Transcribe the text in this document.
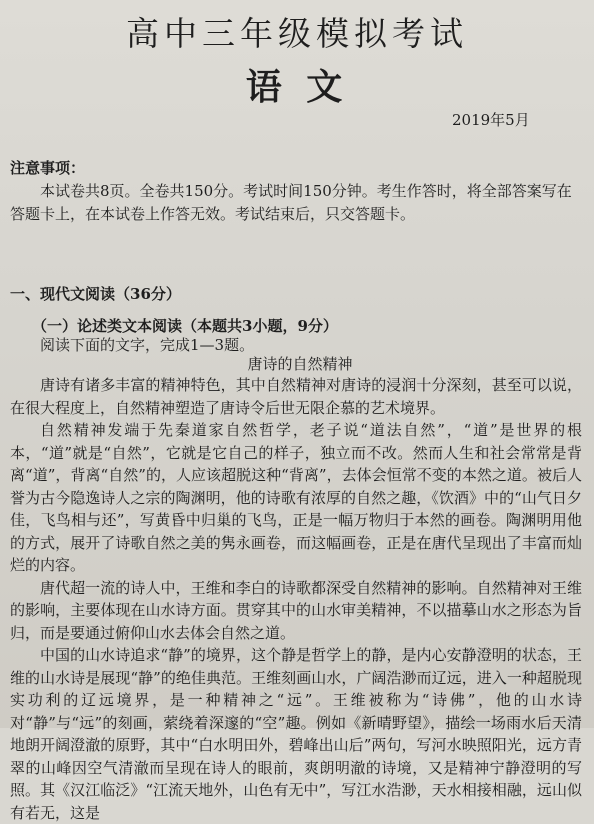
高中三年级模拟考试
语 文
2019年5月
注意事项：

本试卷共8页。全卷共150分。考试时间150分钟。考生作答时，将全部答案写在答题卡上，在本试卷上作答无效。考试结束后，只交答题卡。

一、现代文阅读（36分）
（一）论述类文本阅读（本题共3小题，9分）
阅读下面的文字，完成1—3题。
唐诗的自然精神

唐诗有诸多丰富的精神特色，其中自然精神对唐诗的浸润十分深刻，甚至可以说，在很大程度上，自然精神塑造了唐诗令后世无限企慕的艺术境界。

自然精神发端于先秦道家自然哲学，老子说“道法自然”，“道”是世界的根本，“道”就是“自然”，它就是它自己的样子，独立而不改。然而人生和社会常常是背离“道”，背离“自然”的，人应该超脱这种“背离”，去体会恒常不变的本然之道。被后人誉为古今隐逸诗人之宗的陶渊明，他的诗歌有浓厚的自然之趣，《饮酒》中的“山气日夕佳，飞鸟相与还”，写黄昏中归巢的飞鸟，正是一幅万物归于本然的画卷。陶渊明用他的方式，展开了诗歌自然之美的隽永画卷，而这幅画卷，正是在唐代呈现出了丰富而灿烂的内容。

唐代超一流的诗人中，王维和李白的诗歌都深受自然精神的影响。自然精神对王维的影响，主要体现在山水诗方面。贯穿其中的山水审美精神，不以描摹山水之形态为旨归，而是要通过俯仰山水去体会自然之道。

中国的山水诗追求“静”的境界，这个静是哲学上的静，是内心安静澄明的状态，王维的山水诗是展现“静”的绝佳典范。王维刻画山水，广阔浩渺而辽远，进入一种超脱现实功利的辽远境界，是一种精神之“远”。王维被称为“诗佛”，他的山水诗对“静”与“远”的刻画，萦绕着深邃的“空”趣。例如《新晴野望》，描绘一场雨水后天清地朗开阔澄澈的原野，其中“白水明田外，碧峰出山后”两句，写河水映照阳光，远方青翠的山峰因空气清澈而呈现在诗人的眼前，爽朗明澈的诗境，又是精神宁静澄明的写照。其《汉江临泛》“江流天地外，山色有无中”，写江水浩渺，天水相接相融，远山似有若无，这是
